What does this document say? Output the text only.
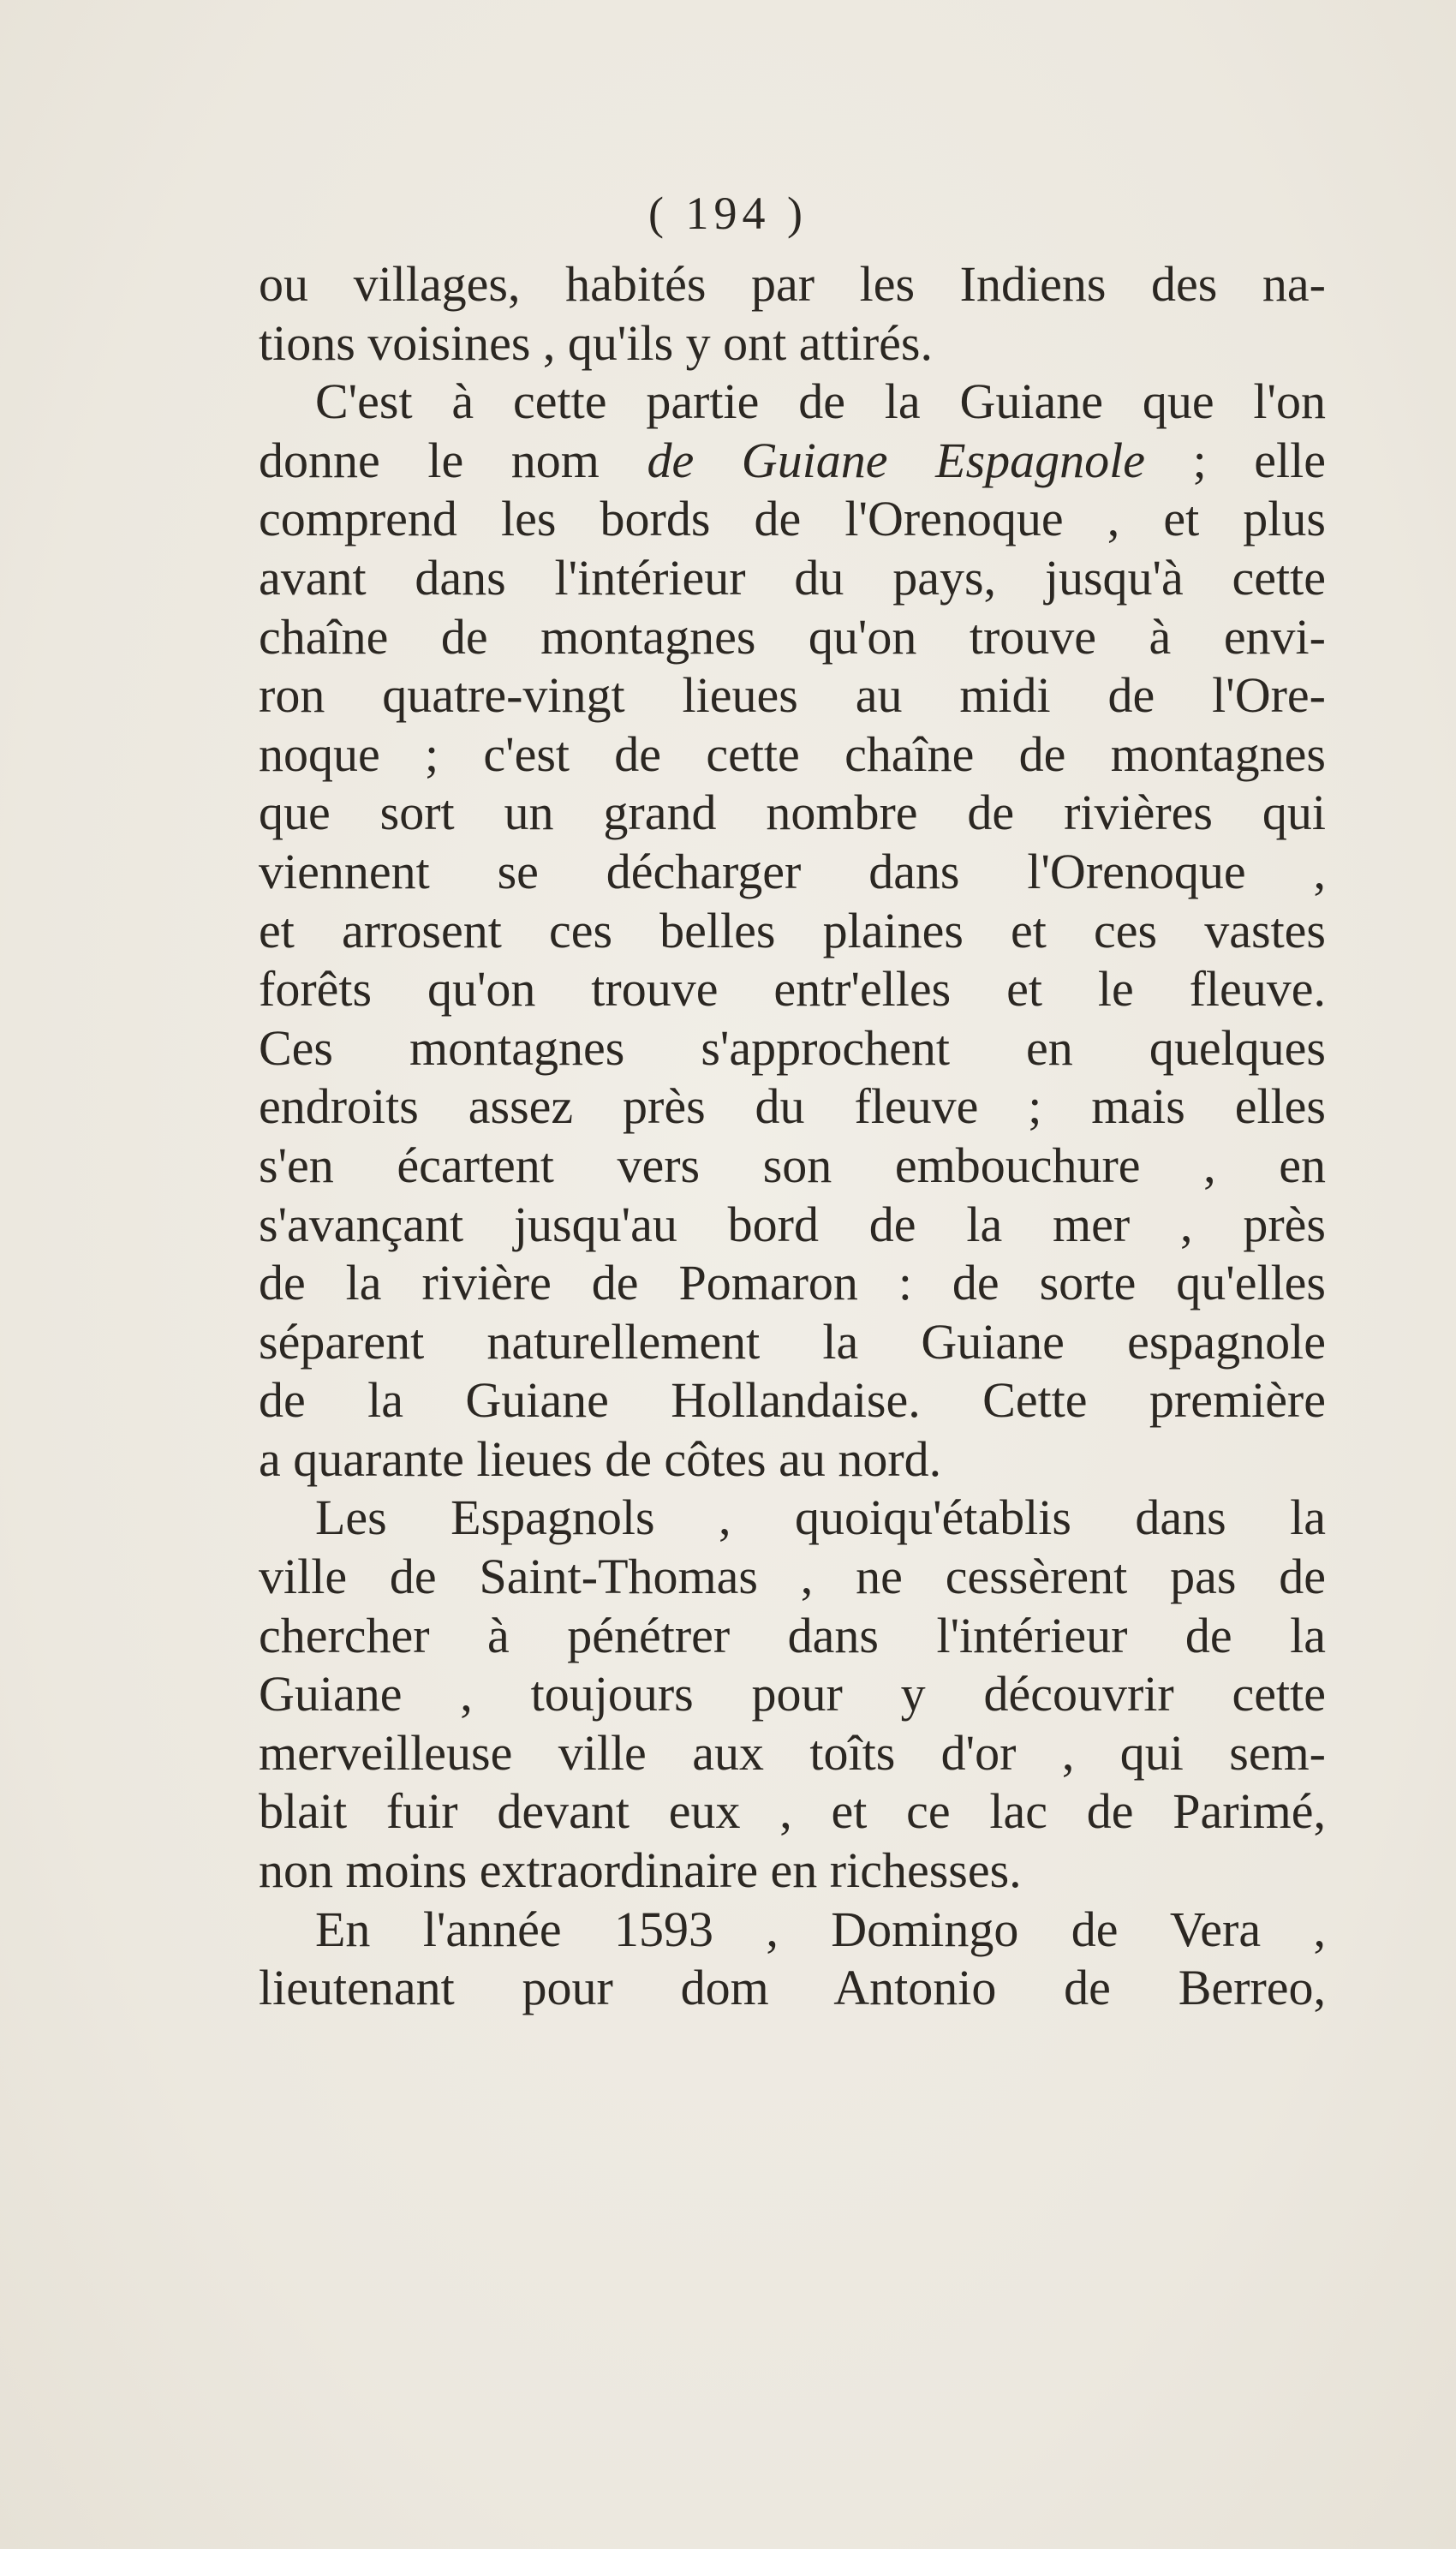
( 194 )
ou villages, habités par les Indiens des na-
tions voisines , qu'ils y ont attirés.
C'est à cette partie de la Guiane que l'on
donne le nom de Guiane Espagnole ; elle
comprend les bords de l'Orenoque , et plus
avant dans l'intérieur du pays, jusqu'à cette
chaîne de montagnes qu'on trouve à envi-
ron quatre-vingt lieues au midi de l'Ore-
noque ; c'est de cette chaîne de montagnes
que sort un grand nombre de rivières qui
viennent se décharger dans l'Orenoque ,
et arrosent ces belles plaines et ces vastes
forêts qu'on trouve entr'elles et le fleuve.
Ces montagnes s'approchent en quelques
endroits assez près du fleuve ; mais elles
s'en écartent vers son embouchure , en
s'avançant jusqu'au bord de la mer , près
de la rivière de Pomaron : de sorte qu'elles
séparent naturellement la Guiane espagnole
de la Guiane Hollandaise. Cette première
a quarante lieues de côtes au nord.
Les Espagnols , quoiqu'établis dans la
ville de Saint-Thomas , ne cessèrent pas de
chercher à pénétrer dans l'intérieur de la
Guiane , toujours pour y découvrir cette
merveilleuse ville aux toîts d'or , qui sem-
blait fuir devant eux , et ce lac de Parimé,
non moins extraordinaire en richesses.
En l'année 1593 , Domingo de Vera ,
lieutenant pour dom Antonio de Berreo,
